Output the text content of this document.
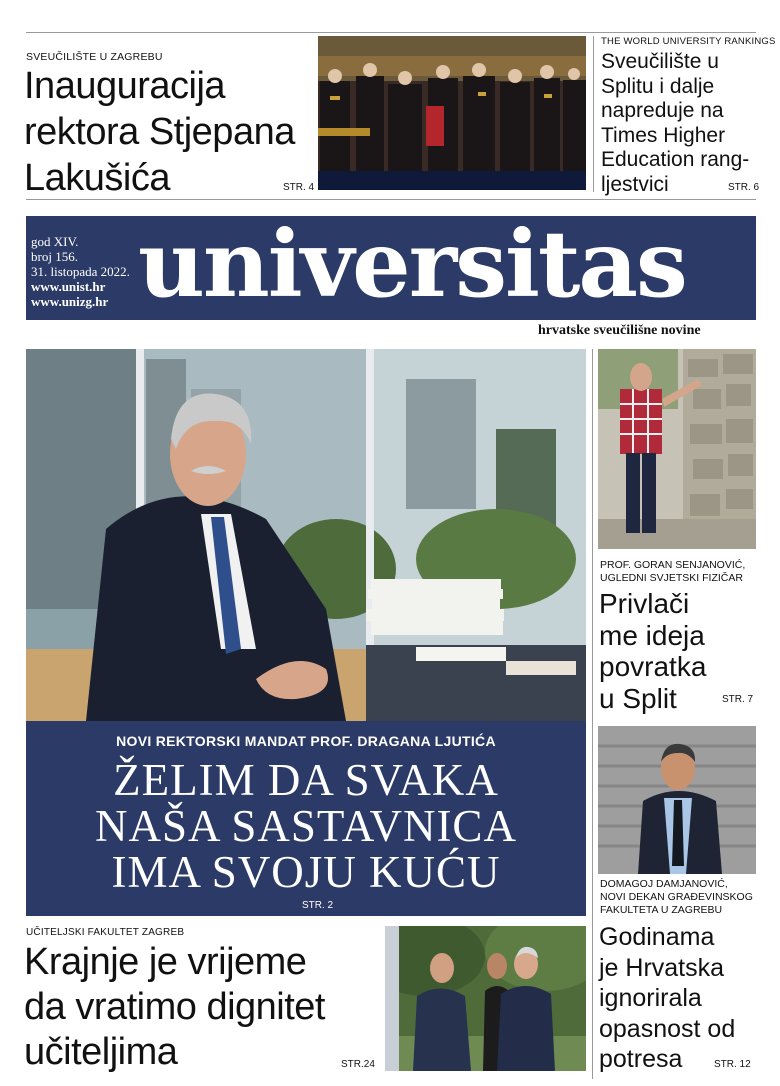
SVEUČILIŠTE U ZAGREBU
Inauguracija
rektora Stjepana
Lakušića	STR. 4
THE WORLD UNIVERSITY RANKINGS
Sveučilište u
Splitu i dalje
napreduje na
Times Higher
Education rang-
ljestvici	STR. 6
god XIV.
broj 156.
31. listopada 2022.
www.unist.hr
www.unizg.hr universitas
hrvatske sveučilišne novine
NOVI REKTORSKI MANDAT PROF. DRAGANA LJUTIĆA
ŽELIM DA SVAKA
NAŠA SASTAVNICA
IMA SVOJU KUĆU
STR. 2
PROF. GORAN SENJANOVIĆ,
UGLEDNI SVJETSKI FIZIČAR
Privlači
me ideja
povratka
u Split	STR. 7
DOMAGOJ DAMJANOVIĆ,
NOVI DEKAN GRAĐEVINSKOG
FAKULTETA U ZAGREBU
Godinama
je Hrvatska
ignorirala
opasnost od
potresa	STR. 12
UČITELJSKI FAKULTET ZAGREB
Krajnje je vrijeme
da vratimo dignitet
učiteljima	STR.24
